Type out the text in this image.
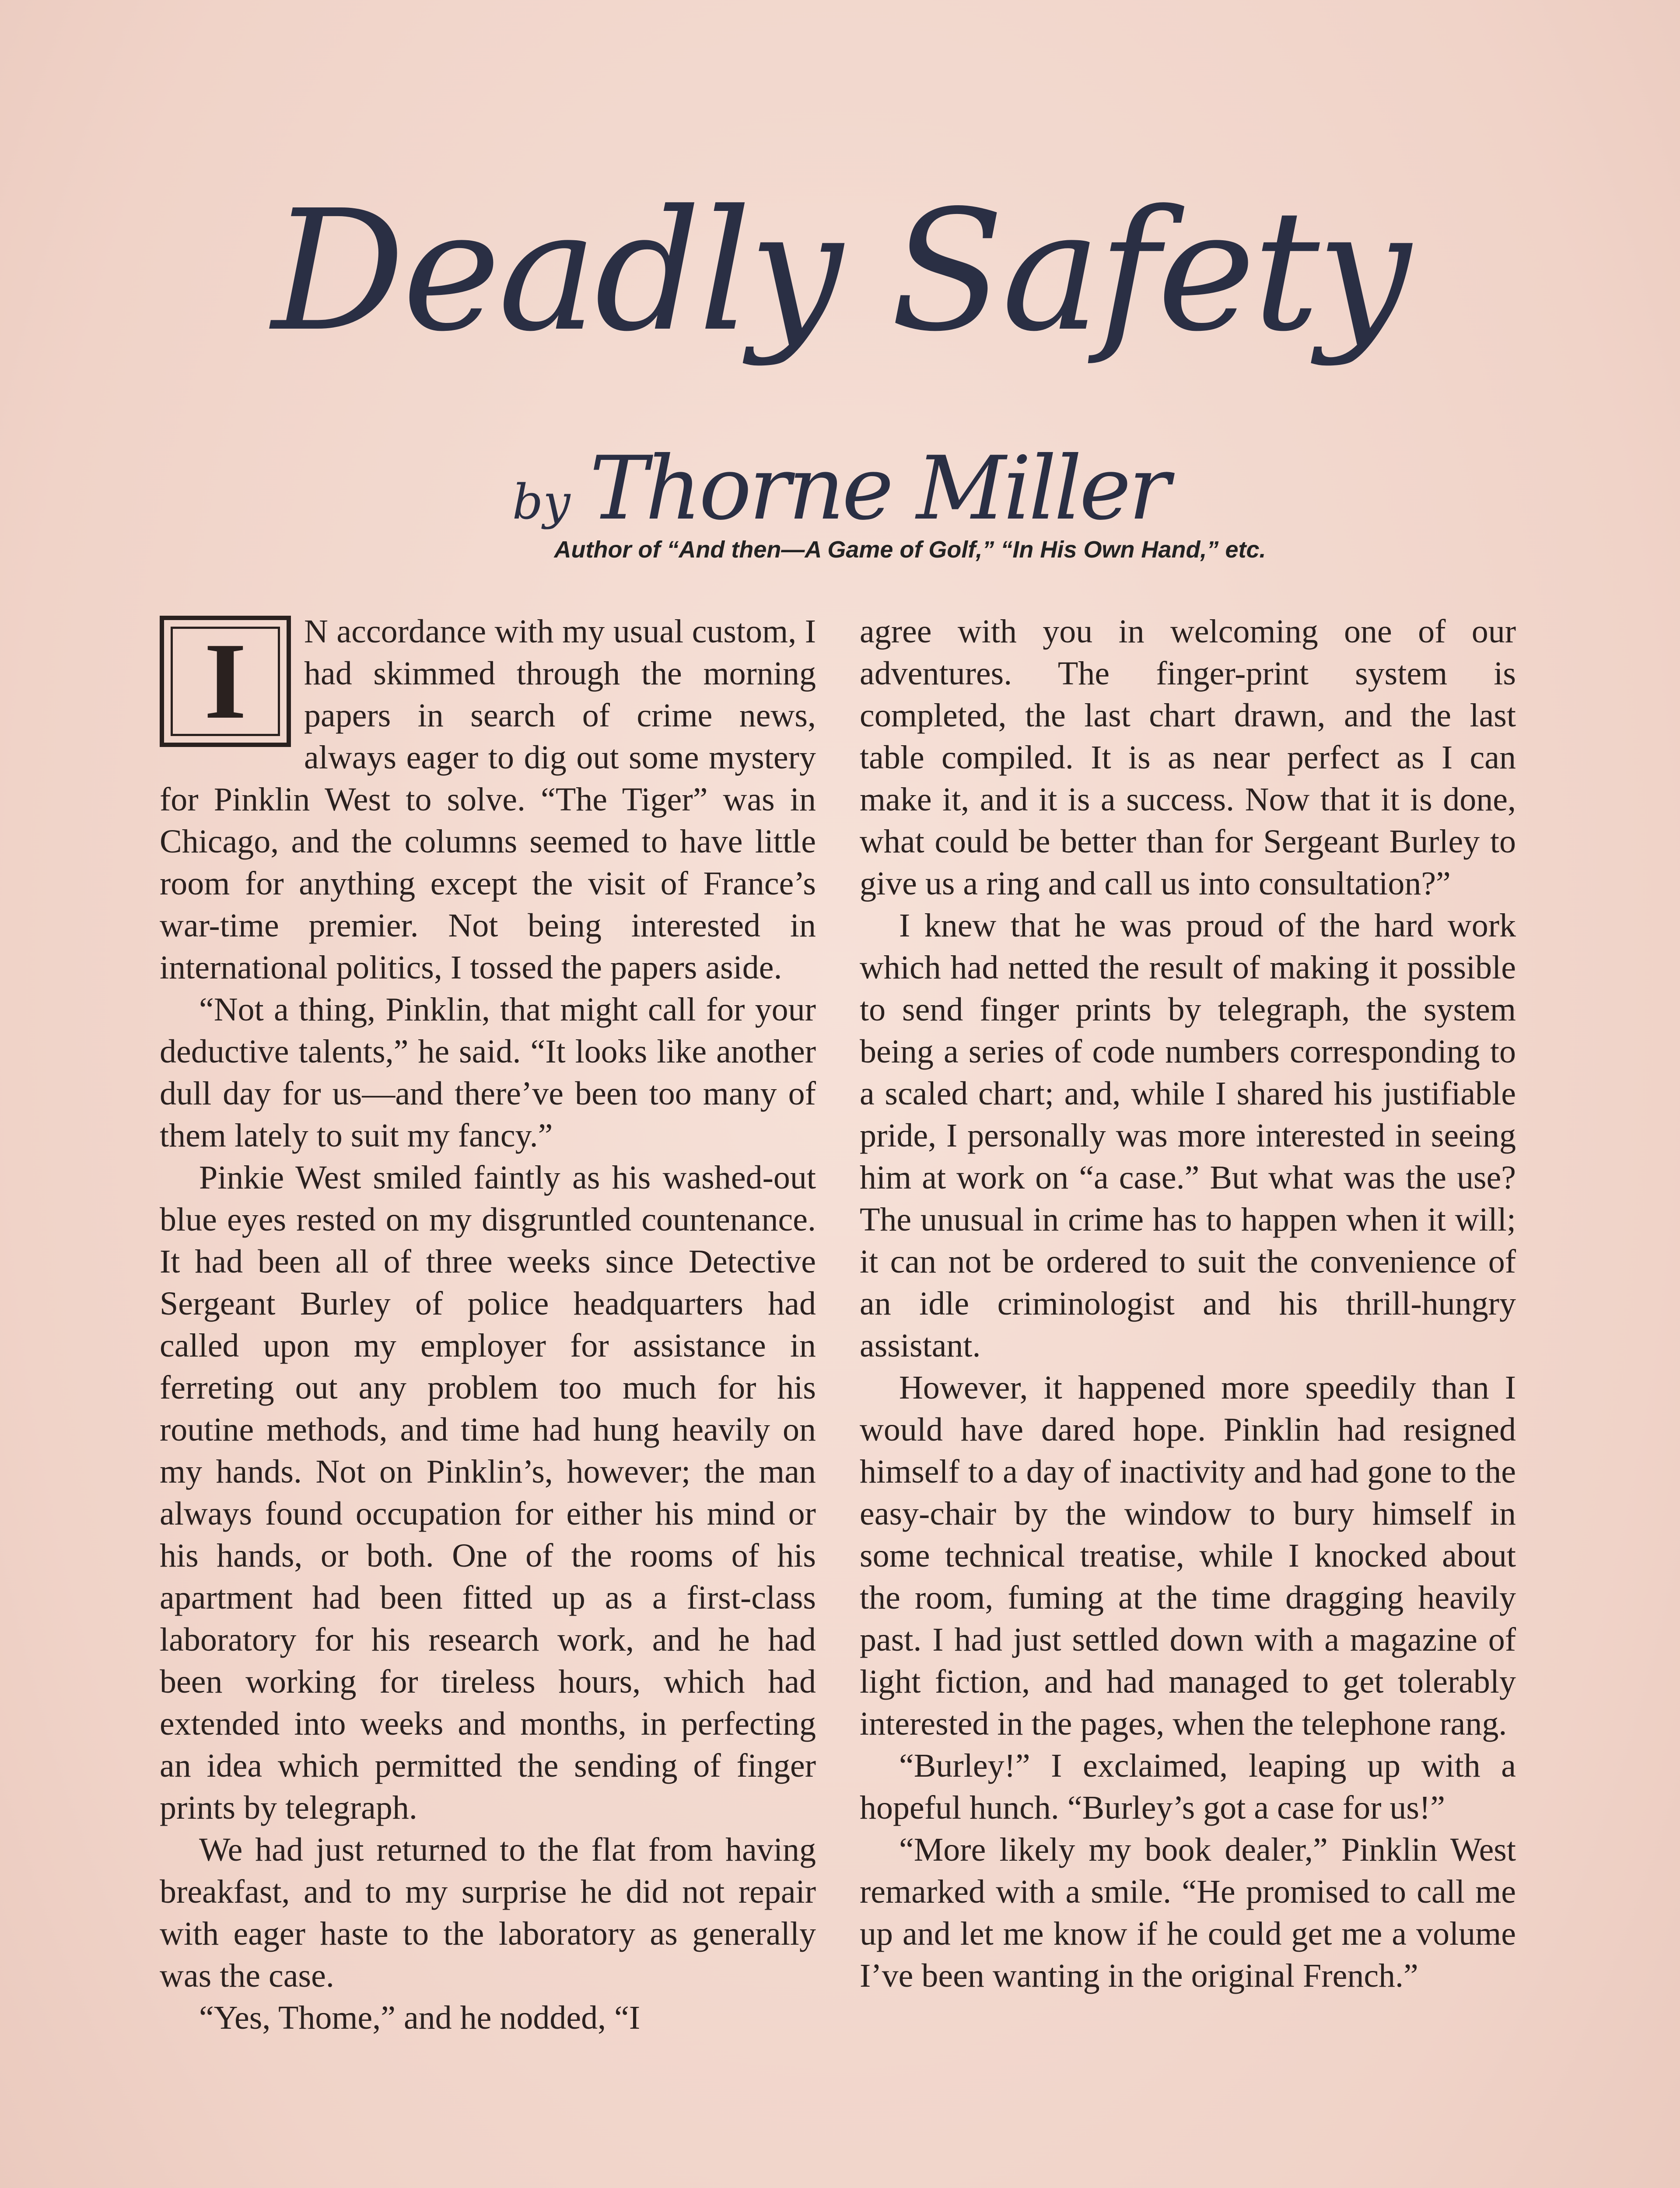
Deadly Safety
by Thorne Miller
Author of “And then—A Game of Golf,” “In His Own Hand,” etc.
I	N accordance with my usual custom, I had skimmed through the morning papers in search of crime news, always eager to dig out some mystery for Pinklin West to solve. “The Tiger” was in Chicago, and the columns seemed to have little room for anything except the visit of France’s war-time premier. Not being interested in international politics, I tossed the papers aside.

“Not a thing, Pinklin, that might call for your deductive talents,” he said. “It looks like another dull day for us—and there’ve been too many of them lately to suit my fancy.”

Pinkie West smiled faintly as his washed-out blue eyes rested on my disgruntled countenance. It had been all of three weeks since Detective Sergeant Burley of police headquarters had called upon my employer for assistance in ferreting out any problem too much for his routine methods, and time had hung heavily on my hands. Not on Pinklin’s, however; the man always found occupation for either his mind or his hands, or both. One of the rooms of his apartment had been fitted up as a first-class laboratory for his research work, and he had been working for tireless hours, which had extended into weeks and months, in perfecting an idea which permitted the sending of finger prints by telegraph.

We had just returned to the flat from having breakfast, and to my surprise he did not repair with eager haste to the laboratory as generally was the case.

“Yes, Thome,” and he nodded, “I

agree with you in welcoming one of our adventures. The finger-print system is completed, the last chart drawn, and the last table compiled. It is as near perfect as I can make it, and it is a success. Now that it is done, what could be better than for Sergeant Burley to give us a ring and call us into consultation?”

I knew that he was proud of the hard work which had netted the result of making it possible to send finger prints by telegraph, the system being a series of code numbers corresponding to a scaled chart; and, while I shared his justifiable pride, I personally was more interested in seeing him at work on “a case.” But what was the use? The unusual in crime has to happen when it will; it can not be ordered to suit the convenience of an idle criminologist and his thrill-hungry assistant.

However, it happened more speedily than I would have dared hope. Pinklin had resigned himself to a day of inactivity and had gone to the easy-chair by the window to bury himself in some technical treatise, while I knocked about the room, fuming at the time dragging heavily past. I had just settled down with a magazine of light fiction, and had managed to get tolerably interested in the pages, when the telephone rang.

“Burley!” I exclaimed, leaping up with a hopeful hunch. “Burley’s got a case for us!”

“More likely my book dealer,” Pinklin West remarked with a smile. “He promised to call me up and let me know if he could get me a volume I’ve been wanting in the original French.”
